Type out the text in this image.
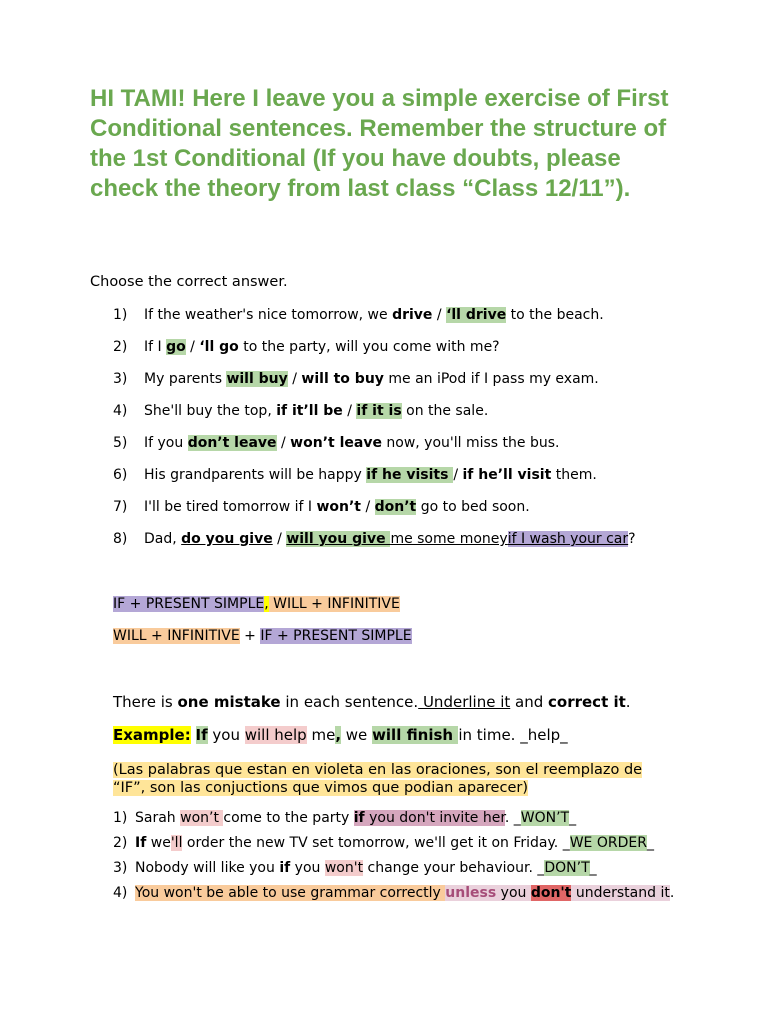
HI TAMI! Here I leave you a simple exercise of First Conditional sentences. Remember the structure of the 1st Conditional (If you have doubts, please check the theory from last class “Class 12/11”).

Choose the correct answer.

1) If the weather's nice tomorrow, we drive / ‘ll drive to the beach.
2) If I go / ‘ll go to the party, will you come with me?
3) My parents will buy / will to buy me an iPod if I pass my exam.
4) She'll buy the top, if it’ll be / if it is on the sale.
5) If you don’t leave / won’t leave now, you'll miss the bus.
6) His grandparents will be happy if he visits / if he’ll visit them.
7) I'll be tired tomorrow if I won’t / don’t go to bed soon.
8) Dad, do you give / will you give me some moneyif I wash your car?
IF + PRESENT SIMPLE, WILL + INFINITIVE
WILL + INFINITIVE + IF + PRESENT SIMPLE
There is one mistake in each sentence. Underline it and correct it.
Example: If you will help me, we will finish in time. _help_
(Las palabras que estan en violeta en las oraciones, son el reemplazo de “IF”, son las conjuctions que vimos que podian aparecer)
1) Sarah won’t come to the party if you don't invite her. _WON’T_
2) If we'll order the new TV set tomorrow, we'll get it on Friday. _WE ORDER_
3) Nobody will like you if you won't change your behaviour. _DON’T_
4) You won't be able to use grammar correctly unless you don't understand it.
